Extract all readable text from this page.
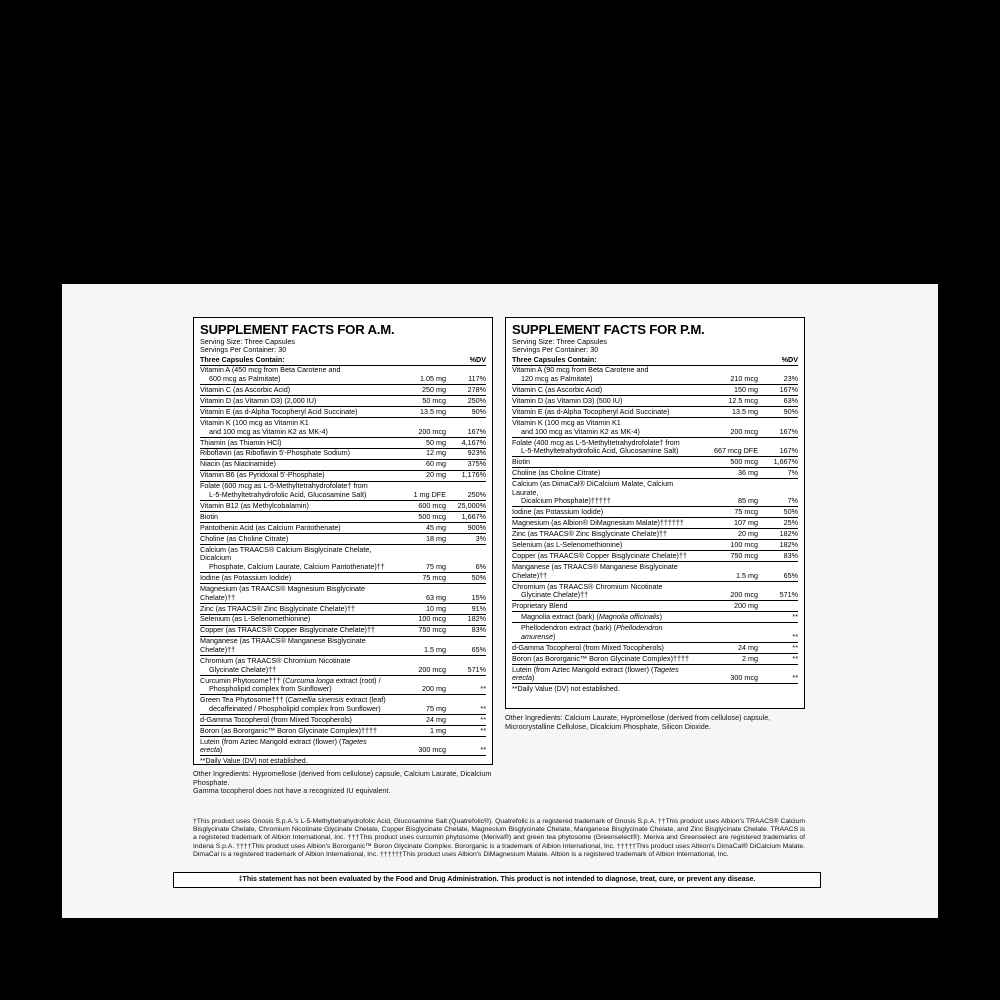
SUPPLEMENT FACTS FOR A.M.
Serving Size: Three Capsules
Servings Per Container: 30
Three Capsules Contain:		%DV
Vitamin A (450 mcg from Beta Carotene and
600 mcg as Palmitate)	1.05 mg	117%
Vitamin C (as Ascorbic Acid)	250 mg	278%
Vitamin D (as Vitamin D3) (2,000 IU)	50 mcg	250%
Vitamin E (as d-Alpha Tocopheryl Acid Succinate)	13.5 mg	90%
Vitamin K (100 mcg as Vitamin K1
and 100 mcg as Vitamin K2 as MK-4)	200 mcg	167%
Thiamin (as Thiamin HCl)	50 mg	4,167%
Riboflavin (as Riboflavin 5'-Phosphate Sodium)	12 mg	923%
Niacin (as Niacinamide)	60 mg	375%
Vitamin B6 (as Pyridoxal 5'-Phosphate)	20 mg	1,176%
Folate (600 mcg as L-5-Methyltetrahydrofolate† from
L-5-Methyltetrahydrofolic Acid, Glucosamine Salt)	1 mg DFE	250%
Vitamin B12 (as Methylcobalamin)	600 mcg	25,000%
Biotin	500 mcg	1,667%
Pantothenic Acid (as Calcium Pantothenate)	45 mg	900%
Choline (as Choline Citrate)	18 mg	3%
Calcium (as TRAACS® Calcium Bisglycinate Chelate, Dicalcium
Phosphate, Calcium Laurate, Calcium Pantothenate)††	75 mg	6%
Iodine (as Potassium Iodide)	75 mcg	50%
Magnesium (as TRAACS® Magnesium Bisglycinate Chelate)††	63 mg	15%
Zinc (as TRAACS® Zinc Bisglycinate Chelate)††	10 mg	91%
Selenium (as L-Selenomethionine)	100 mcg	182%
Copper (as TRAACS® Copper Bisglycinate Chelate)††	750 mcg	83%
Manganese (as TRAACS® Manganese Bisglycinate Chelate)††	1.5 mg	65%
Chromium (as TRAACS® Chromium Nicotinate
Glycinate Chelate)††	200 mcg	571%
Curcumin Phytosome††† (Curcuma longa extract (root) /
Phospholipid complex from Sunflower)	200 mg	**
Green Tea Phytosome††† (Camellia sinensis extract (leaf)
decaffeinated / Phospholipid complex from Sunflower)	75 mg	**
d-Gamma Tocopherol (from Mixed Tocopherols)	24 mg	**
Boron (as Bororganic™ Boron Glycinate Complex)††††	1 mg	**
Lutein (from Aztec Marigold extract (flower) (Tagetes erecta)	300 mcg	**
**Daily Value (DV) not established.
SUPPLEMENT FACTS FOR P.M.
Serving Size: Three Capsules
Servings Per Container: 30
Three Capsules Contain:		%DV
Vitamin A (90 mcg from Beta Carotene and
120 mcg as Palmitate)	210 mcg	23%
Vitamin C (as Ascorbic Acid)	150 mg	167%
Vitamin D (as Vitamin D3) (500 IU)	12.5 mcg	63%
Vitamin E (as d-Alpha Tocopheryl Acid Succinate)	13.5 mg	90%
Vitamin K (100 mcg as Vitamin K1
and 100 mcg as Vitamin K2 as MK-4)	200 mcg	167%
Folate (400 mcg as L-5-Methyltetrahydrofolate† from
L-5-Methyltetrahydrofolic Acid, Glucosamine Salt)	667 mcg DFE	167%
Biotin	500 mcg	1,667%
Choline (as Choline Citrate)	36 mg	7%
Calcium (as DimaCal® DiCalcium Malate, Calcium Laurate,
Dicalcium Phosphate)†††††	85 mg	7%
Iodine (as Potassium Iodide)	75 mcg	50%
Magnesium (as Albion® DiMagnesium Malate)††††††	107 mg	25%
Zinc (as TRAACS® Zinc Bisglycinate Chelate)††	20 mg	182%
Selenium (as L-Selenomethionine)	100 mcg	182%
Copper (as TRAACS® Copper Bisglycinate Chelate)††	750 mcg	83%
Manganese (as TRAACS® Manganese Bisglycinate Chelate)††	1.5 mg	65%
Chromium (as TRAACS® Chromium Nicotinate
Glycinate Chelate)††	200 mcg	571%
Proprietary Blend	200 mg	

Magnolia extract (bark) (Magnolia officinalis)		**

Phellodendron extract (bark) (Phellodendron amurense)		**
d-Gamma Tocopherol (from Mixed Tocopherols)	24 mg	**
Boron (as Bororganic™ Boron Glycinate Complex)††††	2 mg	**
Lutein (from Aztec Marigold extract (flower) (Tagetes erecta)	300 mcg	**
**Daily Value (DV) not established.
Other Ingredients: Hypromellose (derived from cellulose) capsule, Calcium Laurate, Dicalcium Phosphate.
Gamma tocopherol does not have a recognized IU equivalent.
Other Ingredients: Calcium Laurate, Hypromellose (derived from cellulose) capsule, Microcrystalline Cellulose, Dicalcium Phosphate, Silicon Dioxide.
†This product uses Gnosis S.p.A.'s L-5-Methyltetrahydrofolic Acid, Glucosamine Salt (Quatrefolic®). Quatrefolic is a registered trademark of Gnosis S.p.A. ††This product uses Albion's TRAACS® Calcium Bisglycinate Chelate, Chromium Nicotinate Glycinate Chelate, Copper Bisglycinate Chelate, Magnesium Bisglycinate Chelate, Manganese Bisglycinate Chelate, and Zinc Bisglycinate Chelate. TRAACS is a registered trademark of Albion International, Inc. †††This product uses curcumin phytosome (Meriva®) and green tea phytosome (Greenselect®). Meriva and Greenselect are registered trademarks of Indena S.p.A. ††††This product uses Albion's Bororganic™ Boron Glycinate Complex. Bororganic is a trademark of Albion International, Inc. †††††This product uses Albion's DimaCal® DiCalcium Malate. DimaCal is a registered trademark of Albion International, Inc. ††††††This product uses Albion's DiMagnesium Malate. Albion is a registered trademark of Albion International, Inc.
‡This statement has not been evaluated by the Food and Drug Administration. This product is not intended to diagnose, treat, cure, or prevent any disease.
